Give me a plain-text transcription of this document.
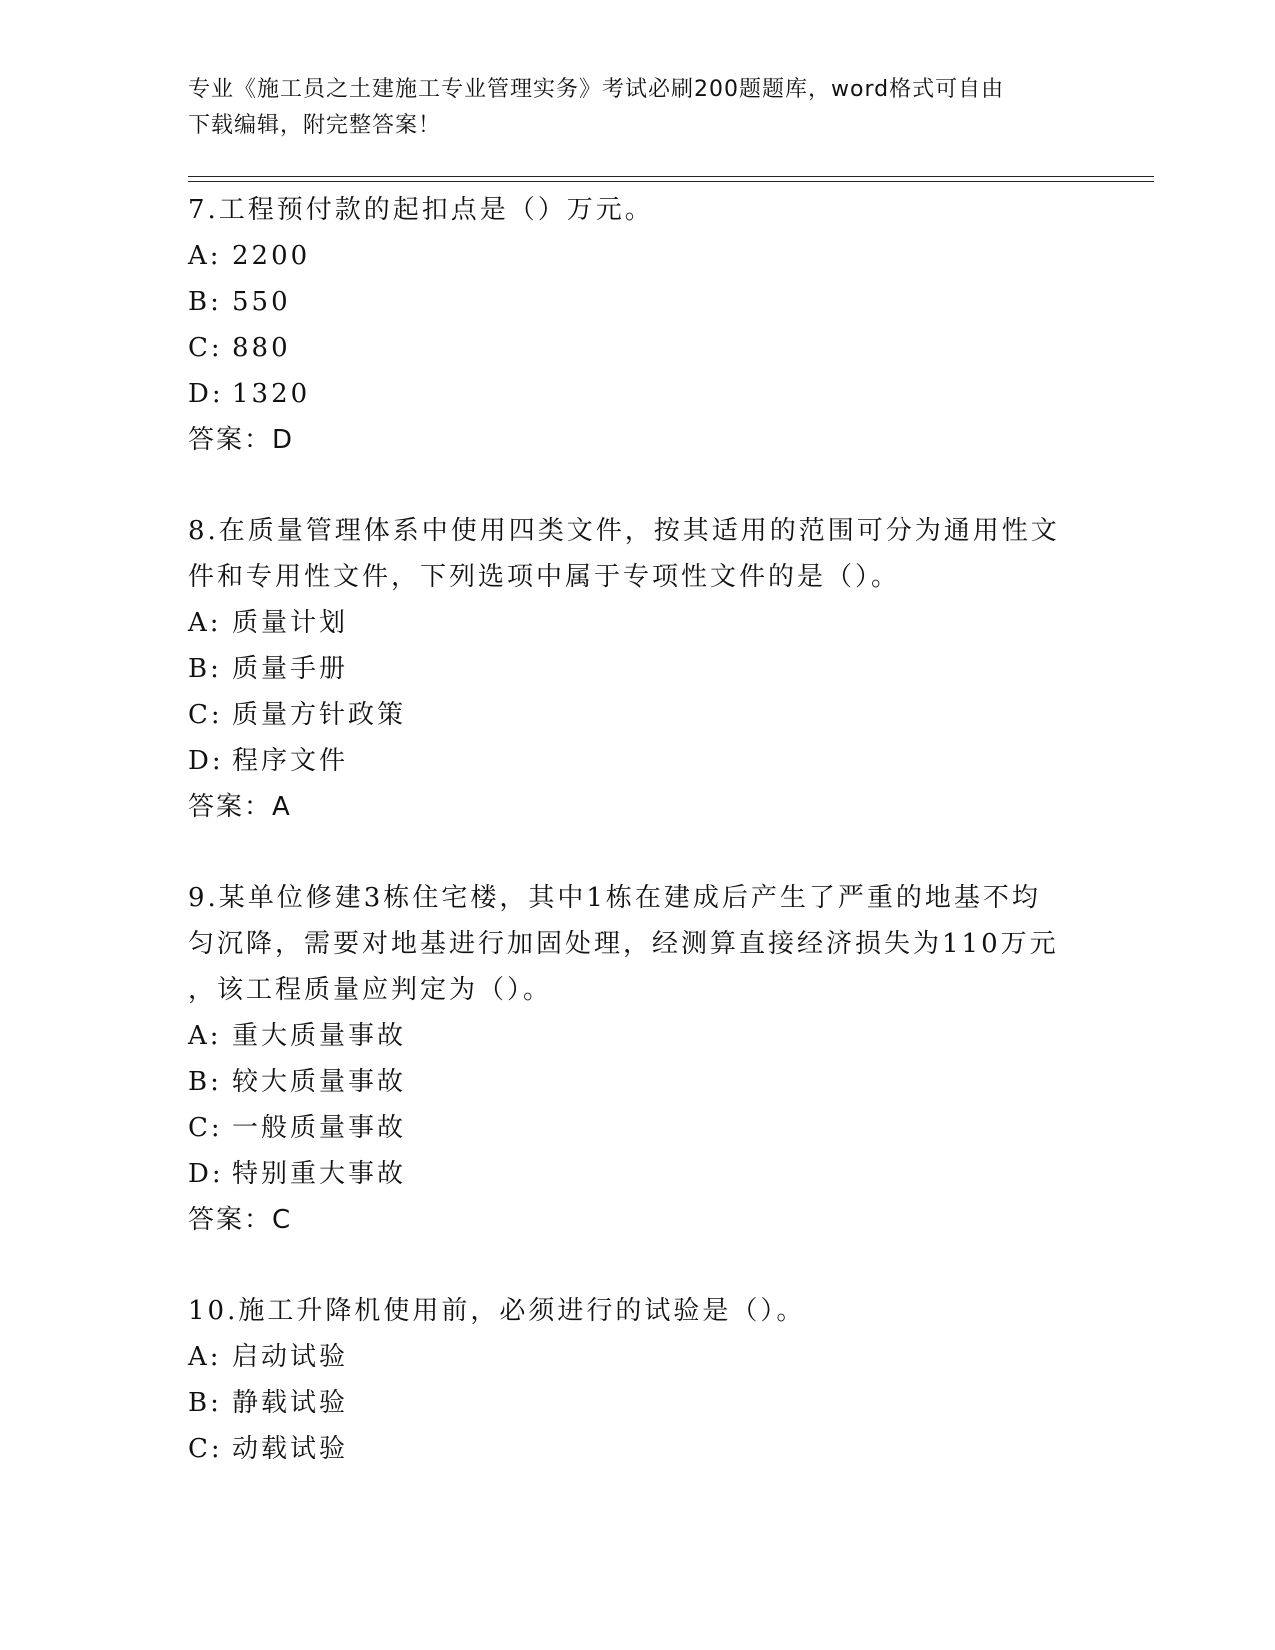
专业《施工员之土建施工专业管理实务》考试必刷200题题库，word格式可自由
下载编辑，附完整答案！

7.工程预付款的起扣点是（）万元。

A: 2200

B: 550

C: 880

D: 1320

答案：D

8.在质量管理体系中使用四类文件，按其适用的范围可分为通用性文

件和专用性文件，下列选项中属于专项性文件的是（）。

A: 质量计划

B: 质量手册

C: 质量方针政策

D: 程序文件

答案：A

9.某单位修建3栋住宅楼，其中1栋在建成后产生了严重的地基不均

匀沉降，需要对地基进行加固处理，经测算直接经济损失为110万元

，该工程质量应判定为（）。

A: 重大质量事故

B: 较大质量事故

C: 一般质量事故

D: 特别重大事故

答案：C

10.施工升降机使用前，必须进行的试验是（）。

A: 启动试验

B: 静载试验

C: 动载试验
